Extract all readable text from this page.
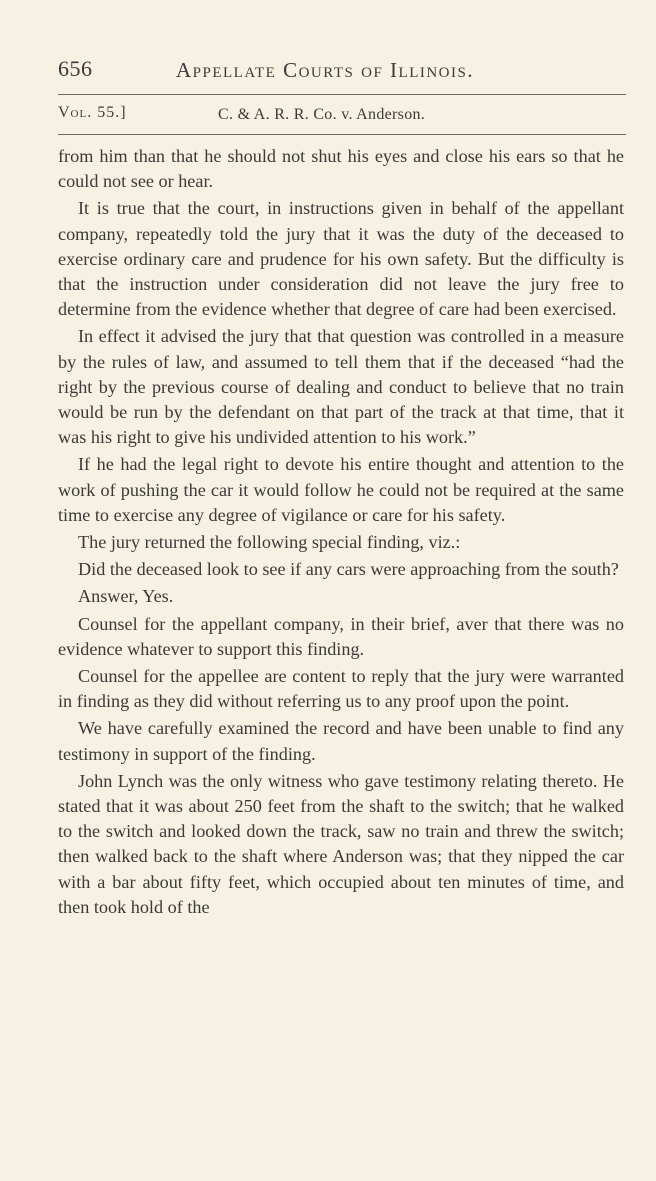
656	Appellate Courts of Illinois.
Vol. 55.]	C. & A. R. R. Co. v. Anderson.

from him than that he should not shut his eyes and close his ears so that he could not see or hear.

It is true that the court, in instructions given in behalf of the appellant company, repeatedly told the jury that it was the duty of the deceased to exercise ordinary care and prudence for his own safety. But the difficulty is that the instruction under consideration did not leave the jury free to determine from the evidence whether that degree of care had been exercised.

In effect it advised the jury that that question was controlled in a measure by the rules of law, and assumed to tell them that if the deceased “had the right by the previous course of dealing and conduct to believe that no train would be run by the defendant on that part of the track at that time, that it was his right to give his undivided attention to his work.”

If he had the legal right to devote his entire thought and attention to the work of pushing the car it would follow he could not be required at the same time to exercise any degree of vigilance or care for his safety.

The jury returned the following special finding, viz.:

Did the deceased look to see if any cars were approaching from the south?

Answer, Yes.

Counsel for the appellant company, in their brief, aver that there was no evidence whatever to support this finding.

Counsel for the appellee are content to reply that the jury were warranted in finding as they did without referring us to any proof upon the point.

We have carefully examined the record and have been unable to find any testimony in support of the finding.

John Lynch was the only witness who gave testimony relating thereto. He stated that it was about 250 feet from the shaft to the switch; that he walked to the switch and looked down the track, saw no train and threw the switch; then walked back to the shaft where Anderson was; that they nipped the car with a bar about fifty feet, which occupied about ten minutes of time, and then took hold of the
